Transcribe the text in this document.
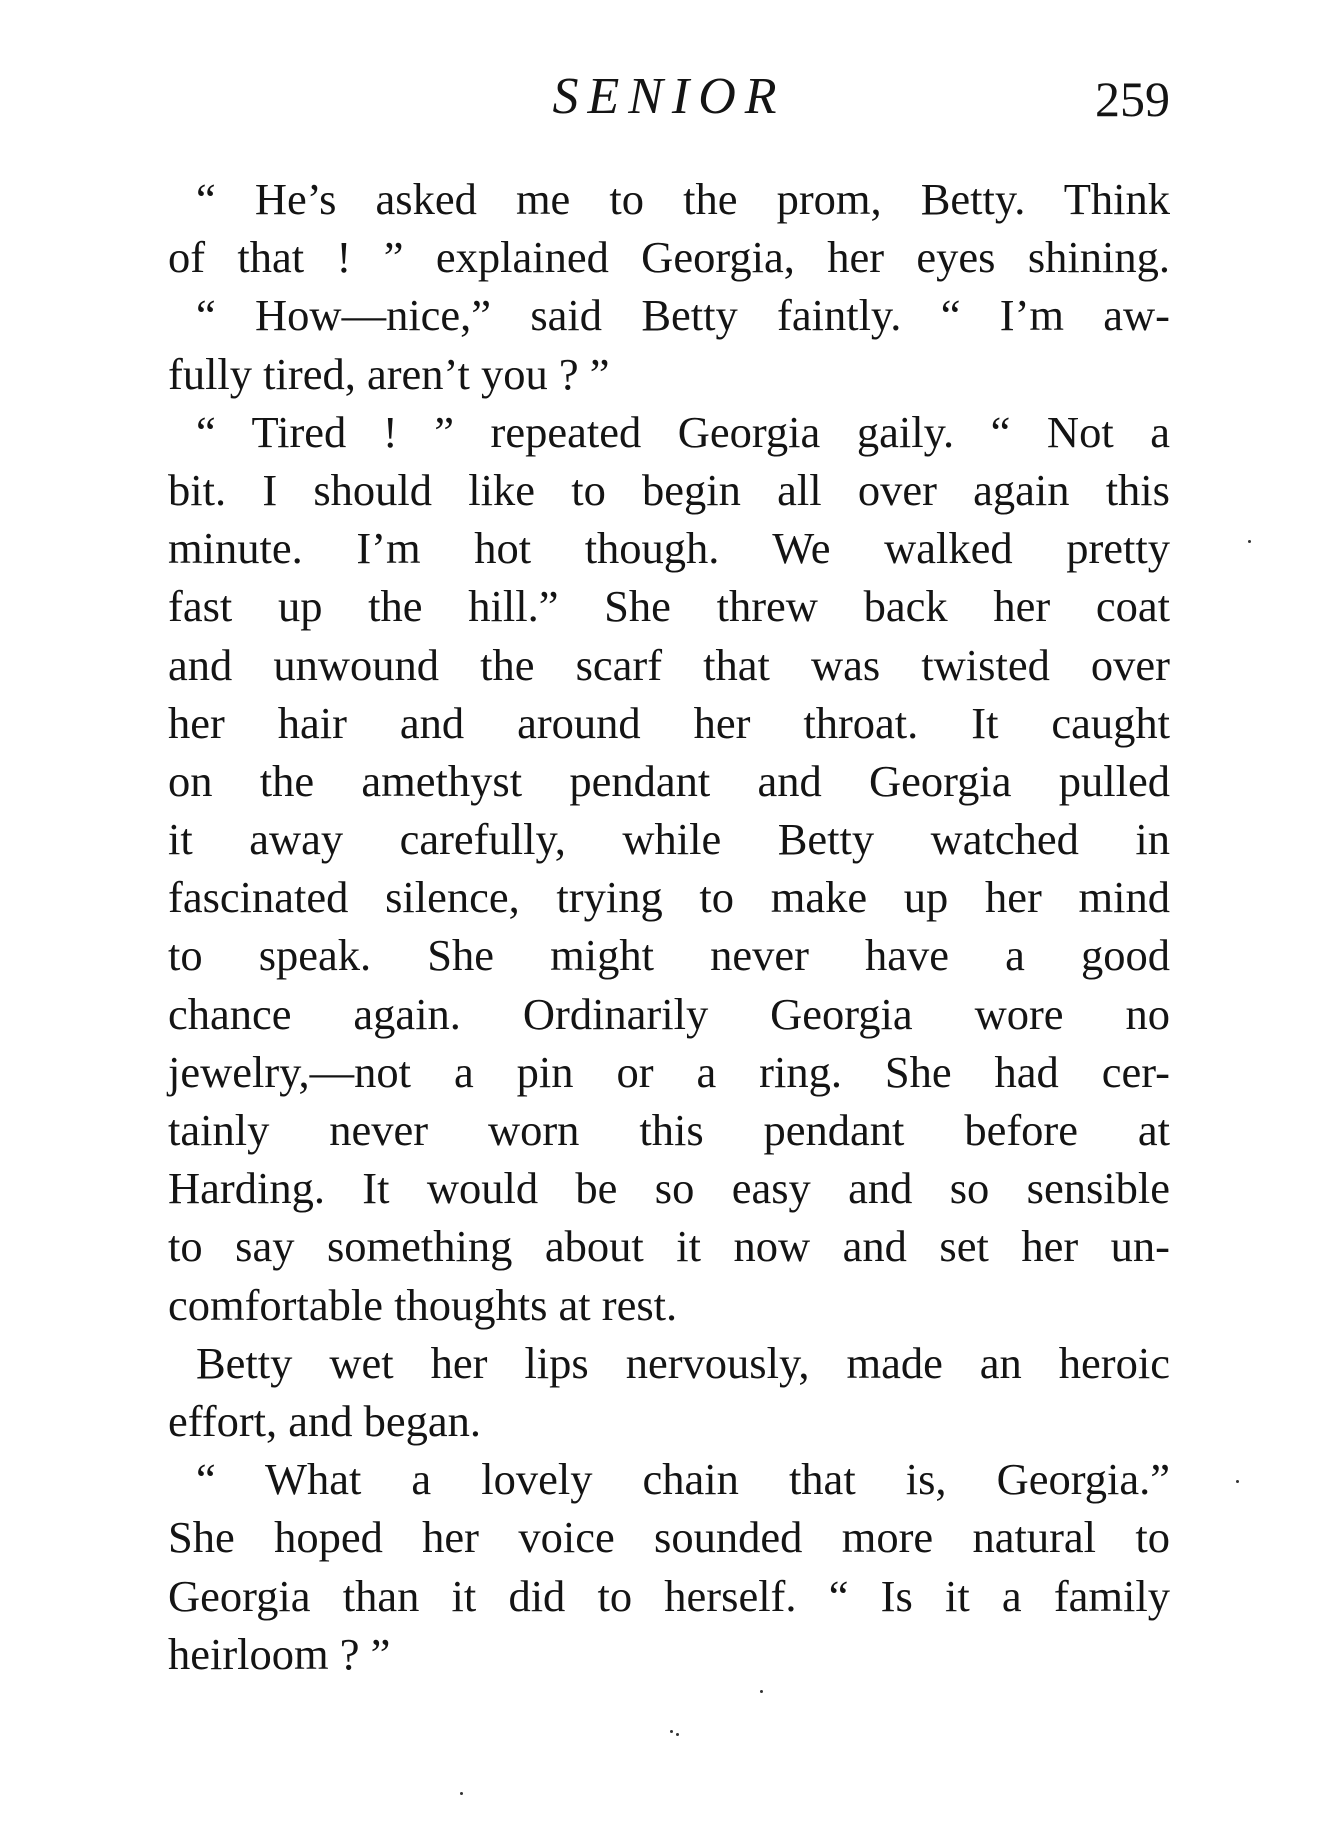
SENIOR	259
“ He’s asked me to the prom, Betty. Think
of that ! ” explained Georgia, her eyes shining.
“ How—nice,” said Betty faintly. “ I’m aw-
fully tired, aren’t you ? ”
“ Tired ! ” repeated Georgia gaily. “ Not a
bit. I should like to begin all over again this
minute. I’m hot though. We walked pretty
fast up the hill.” She threw back her coat
and unwound the scarf that was twisted over
her hair and around her throat. It caught
on the amethyst pendant and Georgia pulled
it away carefully, while Betty watched in
fascinated silence, trying to make up her mind
to speak. She might never have a good
chance again. Ordinarily Georgia wore no
jewelry,—not a pin or a ring. She had cer-
tainly never worn this pendant before at
Harding. It would be so easy and so sensible
to say something about it now and set her un-
comfortable thoughts at rest.
Betty wet her lips nervously, made an heroic
effort, and began.
“ What a lovely chain that is, Georgia.”
She hoped her voice sounded more natural to
Georgia than it did to herself. “ Is it a family
heirloom ? ”
